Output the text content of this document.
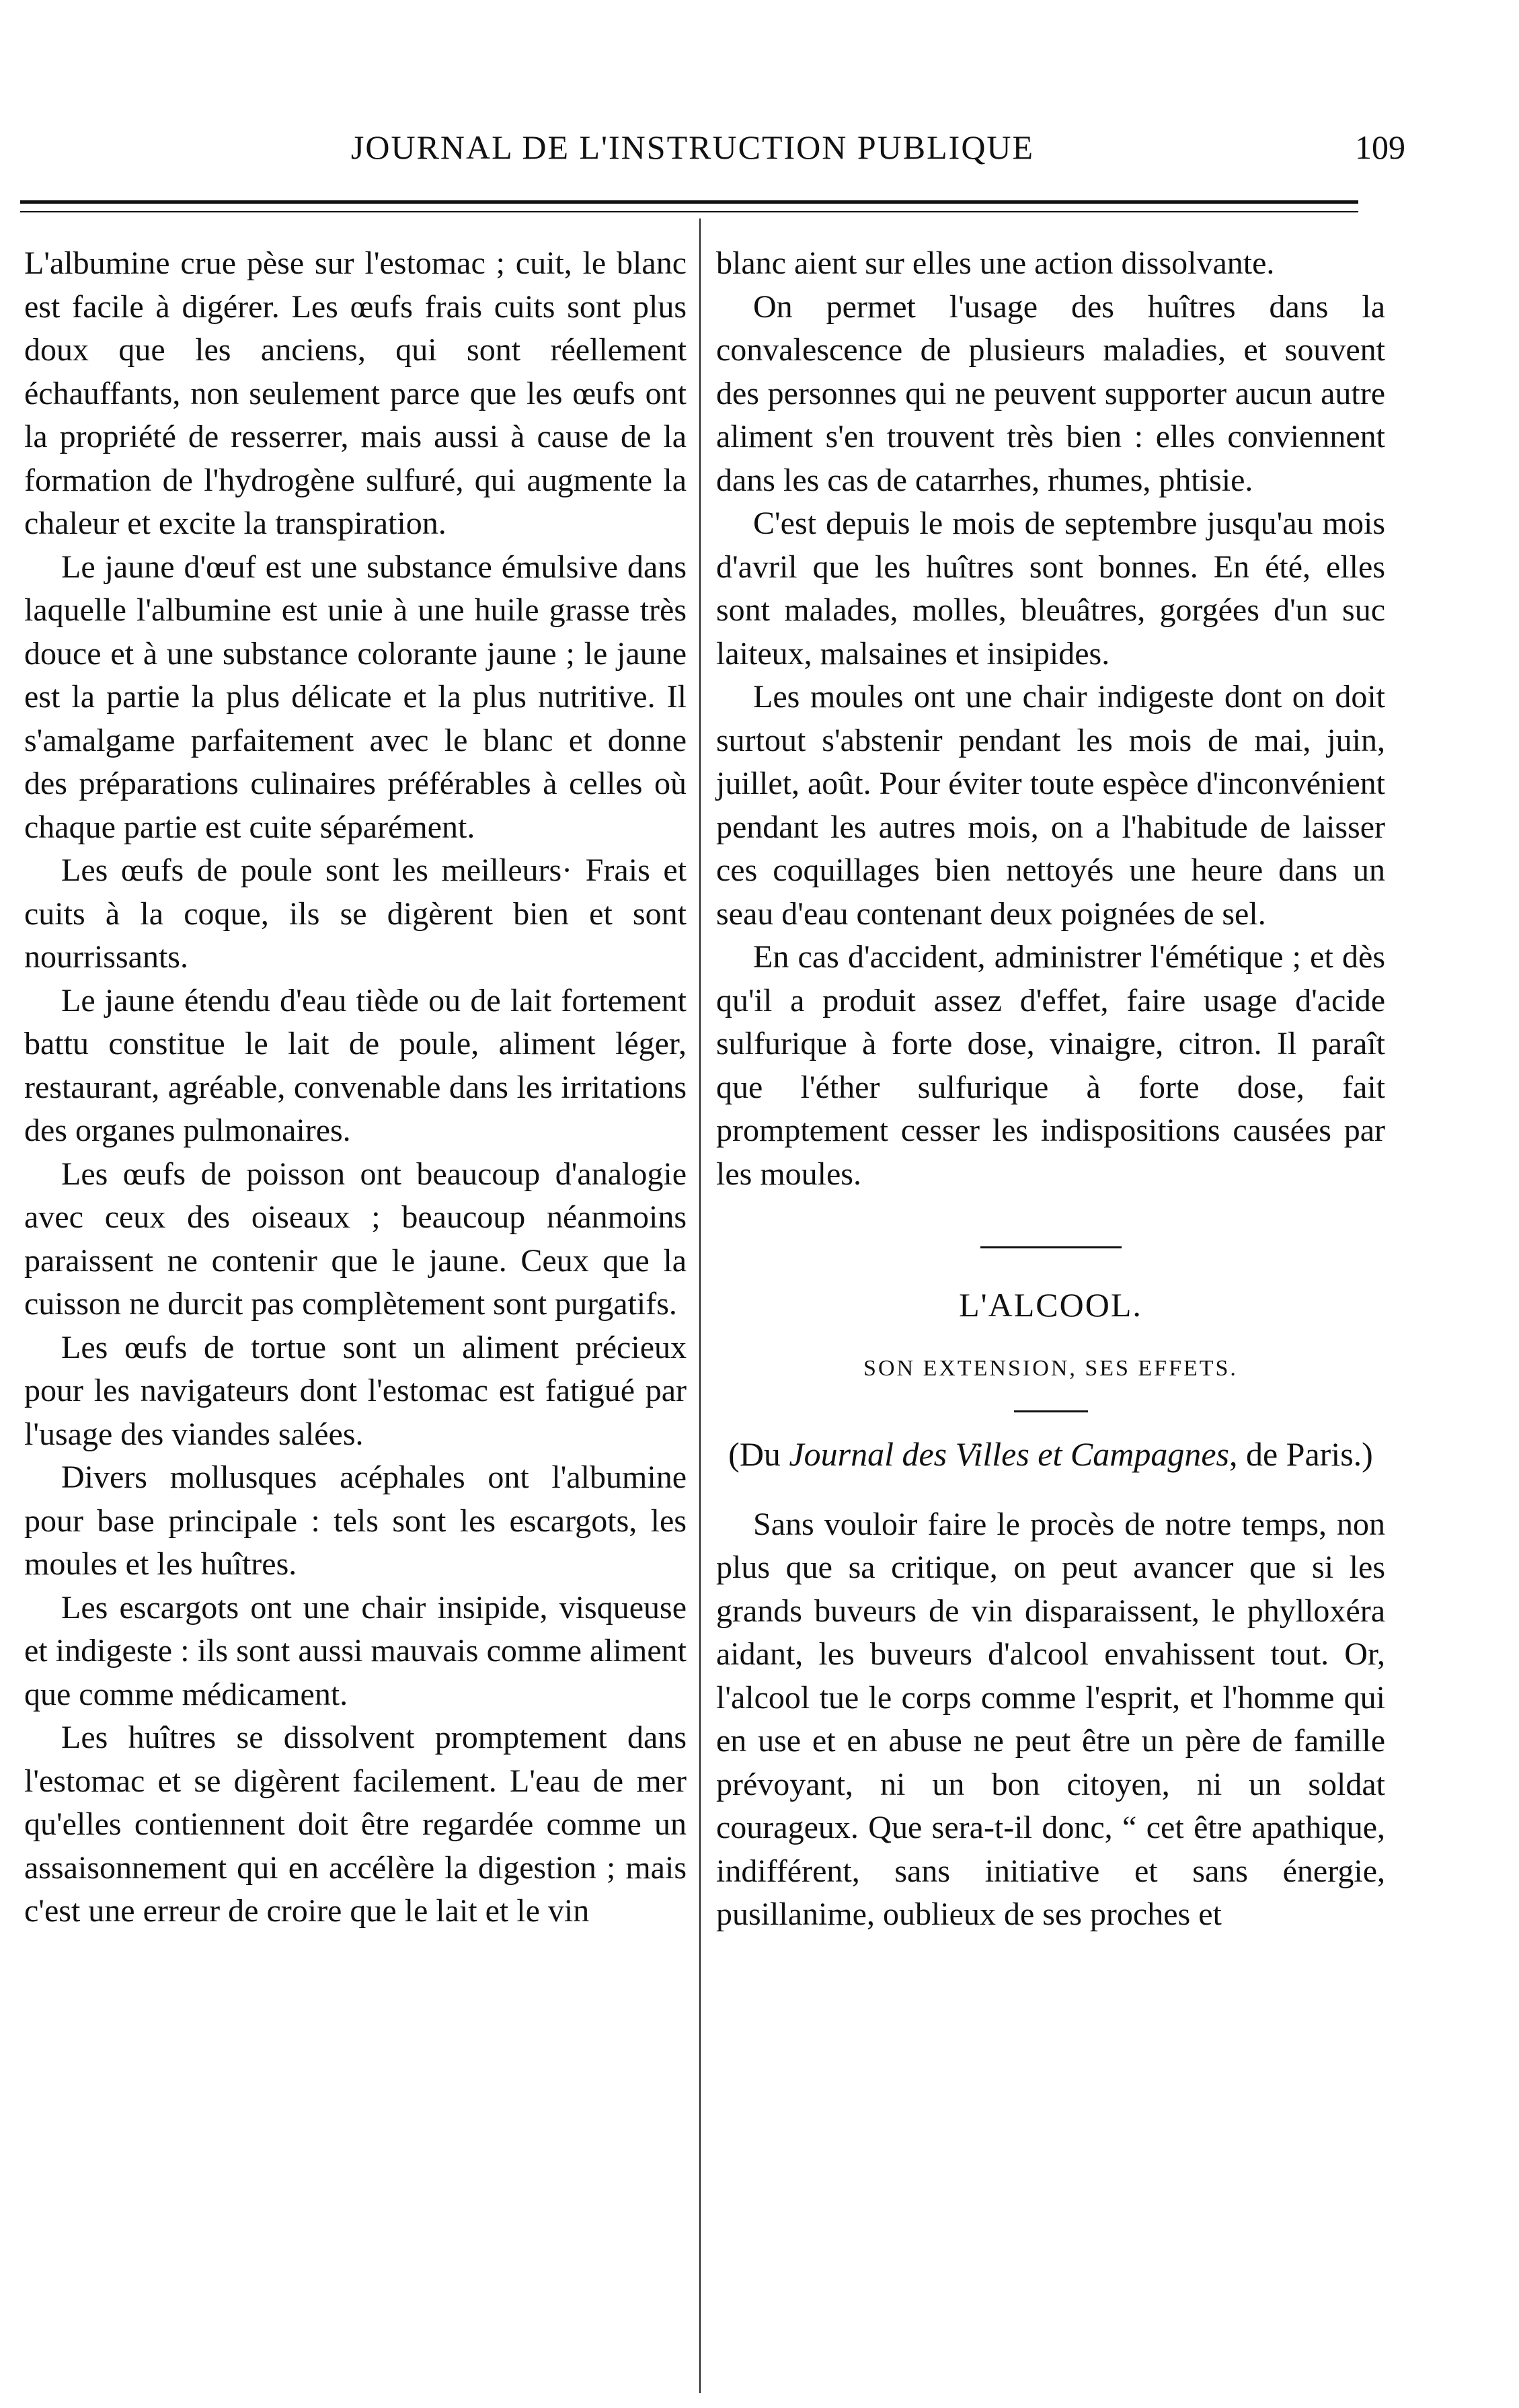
JOURNAL DE L'INSTRUCTION PUBLIQUE	109

L'albumine crue pèse sur l'estomac ; cuit, le blanc est facile à digérer. Les œufs frais cuits sont plus doux que les anciens, qui sont réellement échauffants, non seulement parce que les œufs ont la propriété de resserrer, mais aussi à cause de la formation de l'hydrogène sulfuré, qui augmente la chaleur et excite la transpiration.

Le jaune d'œuf est une substance émulsive dans laquelle l'albumine est unie à une huile grasse très douce et à une substance colorante jaune ; le jaune est la partie la plus délicate et la plus nutritive. Il s'amalgame parfaitement avec le blanc et donne des préparations culinaires préférables à celles où chaque partie est cuite séparément.

Les œufs de poule sont les meilleurs· Frais et cuits à la coque, ils se digèrent bien et sont nourrissants.

Le jaune étendu d'eau tiède ou de lait fortement battu constitue le lait de poule, aliment léger, restaurant, agréable, convenable dans les irritations des organes pulmonaires.

Les œufs de poisson ont beaucoup d'analogie avec ceux des oiseaux ; beaucoup néanmoins paraissent ne contenir que le jaune. Ceux que la cuisson ne durcit pas complètement sont purgatifs.

Les œufs de tortue sont un aliment précieux pour les navigateurs dont l'estomac est fatigué par l'usage des viandes salées.

Divers mollusques acéphales ont l'albumine pour base principale : tels sont les escargots, les moules et les huîtres.

Les escargots ont une chair insipide, visqueuse et indigeste : ils sont aussi mauvais comme aliment que comme médicament.

Les huîtres se dissolvent promptement dans l'estomac et se digèrent facilement. L'eau de mer qu'elles contiennent doit être regardée comme un assaisonnement qui en accélère la digestion ; mais c'est une erreur de croire que le lait et le vin

blanc aient sur elles une action dissolvante.

On permet l'usage des huîtres dans la convalescence de plusieurs maladies, et souvent des personnes qui ne peuvent supporter aucun autre aliment s'en trouvent très bien : elles conviennent dans les cas de catarrhes, rhumes, phtisie.

C'est depuis le mois de septembre jusqu'au mois d'avril que les huîtres sont bonnes. En été, elles sont malades, molles, bleuâtres, gorgées d'un suc laiteux, malsaines et insipides.

Les moules ont une chair indigeste dont on doit surtout s'abstenir pendant les mois de mai, juin, juillet, août. Pour éviter toute espèce d'inconvénient pendant les autres mois, on a l'habitude de laisser ces coquillages bien nettoyés une heure dans un seau d'eau contenant deux poignées de sel.

En cas d'accident, administrer l'émétique ; et dès qu'il a produit assez d'effet, faire usage d'acide sulfurique à forte dose, vinaigre, citron. Il paraît que l'éther sulfurique à forte dose, fait promptement cesser les indispositions causées par les moules.

L'ALCOOL.

SON EXTENSION, SES EFFETS.

(Du Journal des Villes et Campagnes, de Paris.)

Sans vouloir faire le procès de notre temps, non plus que sa critique, on peut avancer que si les grands buveurs de vin disparaissent, le phylloxéra aidant, les buveurs d'alcool envahissent tout. Or, l'alcool tue le corps comme l'esprit, et l'homme qui en use et en abuse ne peut être un père de famille prévoyant, ni un bon citoyen, ni un soldat courageux. Que sera-t-il donc, “ cet être apathique, indifférent, sans initiative et sans énergie, pusillanime, oublieux de ses proches et
